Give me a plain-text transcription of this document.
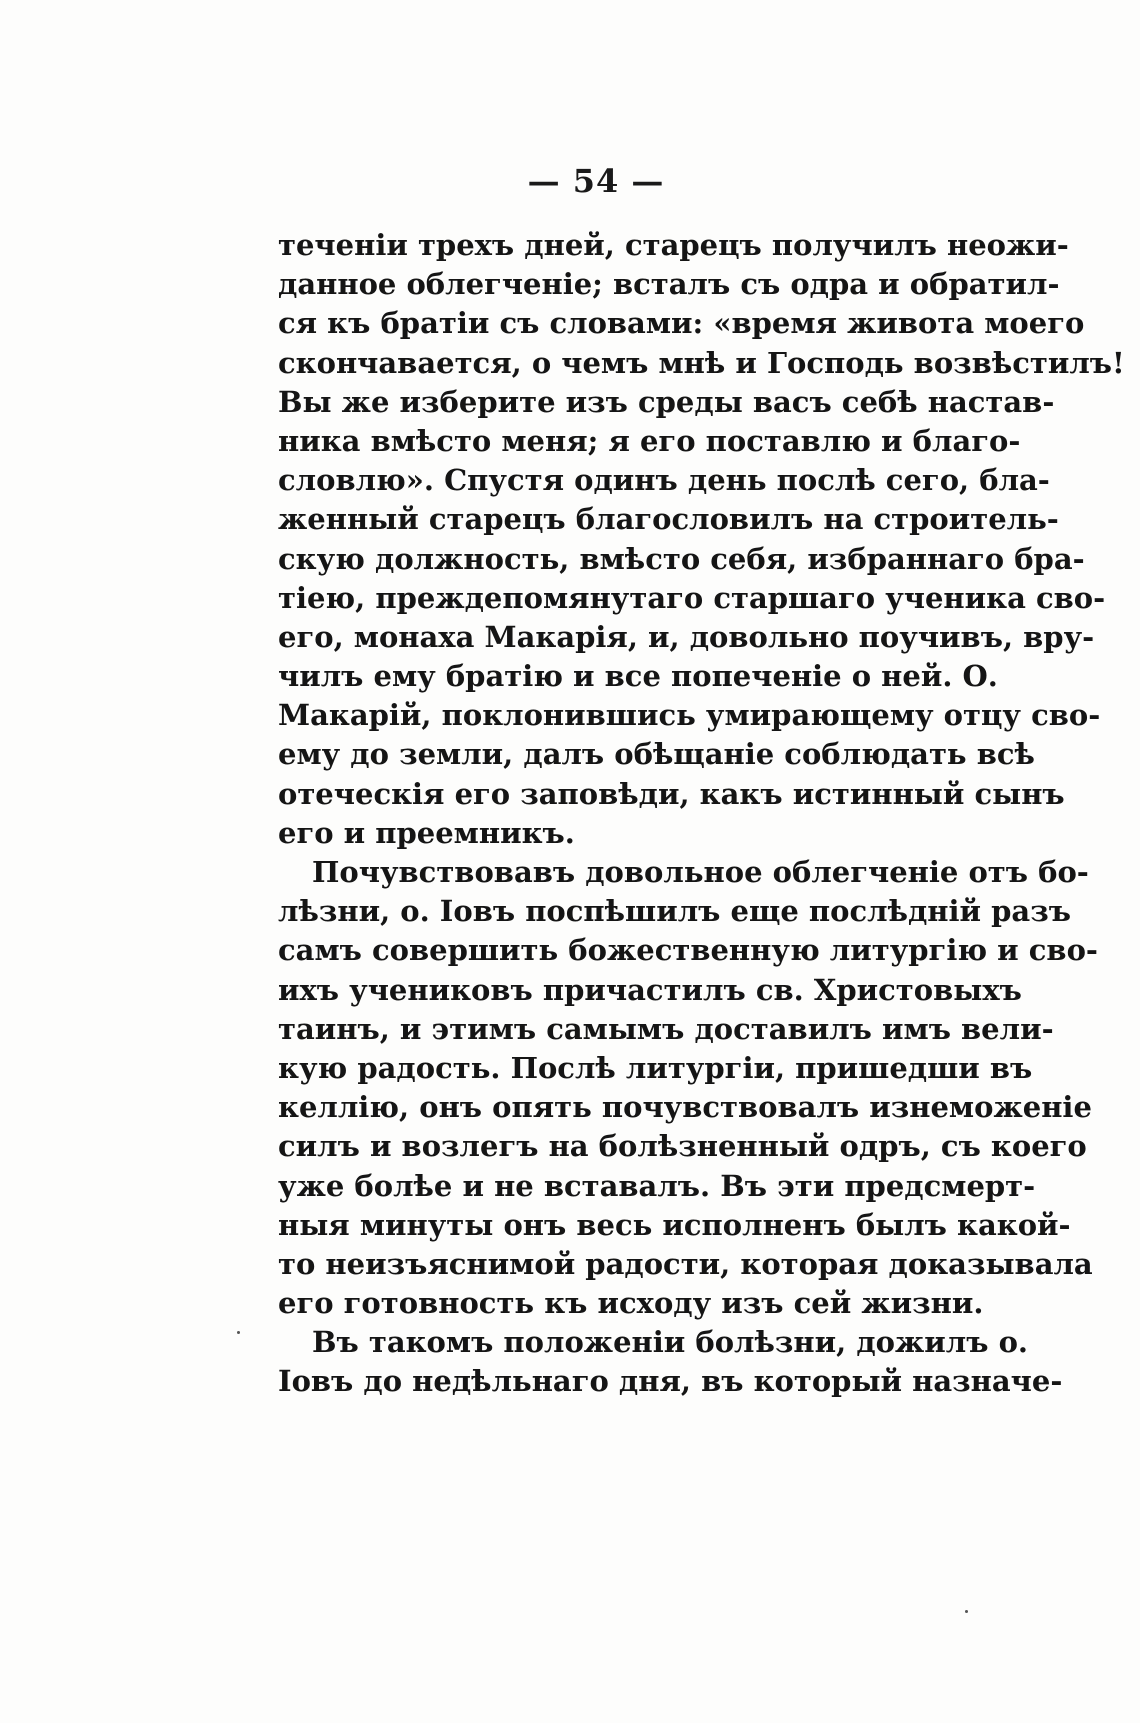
— 54 —
теченіи трехъ дней, старецъ получилъ неожи-
данное облегченіе; всталъ съ одра и обратил-
ся къ братіи съ словами: «время живота моего
скончавается, о чемъ мнѣ и Господь возвѣстилъ!
Вы же изберите изъ среды васъ себѣ настав-
ника вмѣсто меня; я его поставлю и благо-
словлю». Спустя одинъ день послѣ сего, бла-
женный старецъ благословилъ на строитель-
скую должность, вмѣсто себя, избраннаго бра-
тіею, преждепомянутаго старшаго ученика сво-
его, монаха Макарія, и, довольно поучивъ, вру-
чилъ ему братію и все попеченіе о ней. О.
Макарій, поклонившись умирающему отцу сво-
ему до земли, далъ обѣщаніе соблюдать всѣ
отеческія его заповѣди, какъ истинный сынъ
его и преемникъ.
Почувствовавъ довольное облегченіе отъ бо-
лѣзни, о. Іовъ поспѣшилъ еще послѣдній разъ
самъ совершить божественную литургію и сво-
ихъ учениковъ причастилъ св. Христовыхъ
таинъ, и этимъ самымъ доставилъ имъ вели-
кую радость. Послѣ литургіи, пришедши въ
келлію, онъ опять почувствовалъ изнеможеніе
силъ и возлегъ на болѣзненный одръ, съ коего
уже болѣе и не вставалъ. Въ эти предсмерт-
ныя минуты онъ весь исполненъ былъ какой-
то неизъяснимой радости, которая доказывала
его готовность къ исходу изъ сей жизни.
Въ такомъ положеніи болѣзни, дожилъ о.
Іовъ до недѣльнаго дня, въ который назначе-
